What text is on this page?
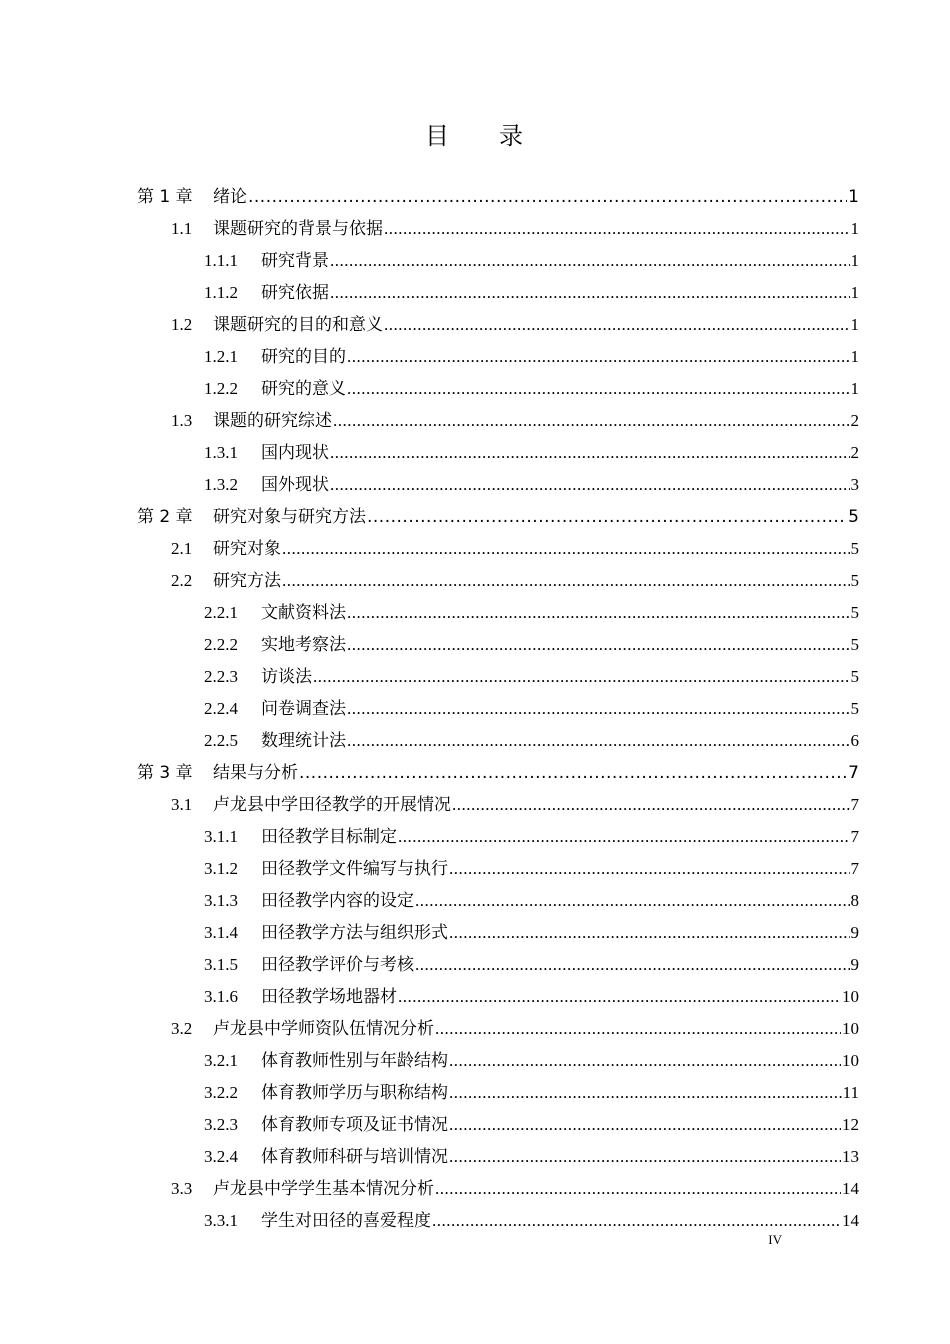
目 录
第 1 章	绪论 .....	1
1.1	课题研究的背景与依据 .....	1
1.1.1	研究背景 .....	1
1.1.2	研究依据 .....	1
1.2	课题研究的目的和意义 .....	1
1.2.1	研究的目的 .....	1
1.2.2	研究的意义 .....	1
1.3	课题的研究综述 .....	2
1.3.1	国内现状 .....	2
1.3.2	国外现状 .....	3
第 2 章	研究对象与研究方法 .....	5
2.1	研究对象 .....	5
2.2	研究方法 .....	5
2.2.1	文献资料法 .....	5
2.2.2	实地考察法 .....	5
2.2.3	访谈法 .....	5
2.2.4	问卷调查法 .....	5
2.2.5	数理统计法 .....	6
第 3 章	结果与分析 .....	7
3.1	卢龙县中学田径教学的开展情况 .....	7
3.1.1	田径教学目标制定 .....	7
3.1.2	田径教学文件编写与执行 .....	7
3.1.3	田径教学内容的设定 .....	8
3.1.4	田径教学方法与组织形式 .....	9
3.1.5	田径教学评价与考核 .....	9
3.1.6	田径教学场地器材 .....	10
3.2	卢龙县中学师资队伍情况分析 .....	10
3.2.1	体育教师性别与年龄结构 .....	10
3.2.2	体育教师学历与职称结构 .....	11
3.2.3	体育教师专项及证书情况 .....	12
3.2.4	体育教师科研与培训情况 .....	13
3.3	卢龙县中学学生基本情况分析 .....	14
3.3.1	学生对田径的喜爱程度 .....	14
IV
